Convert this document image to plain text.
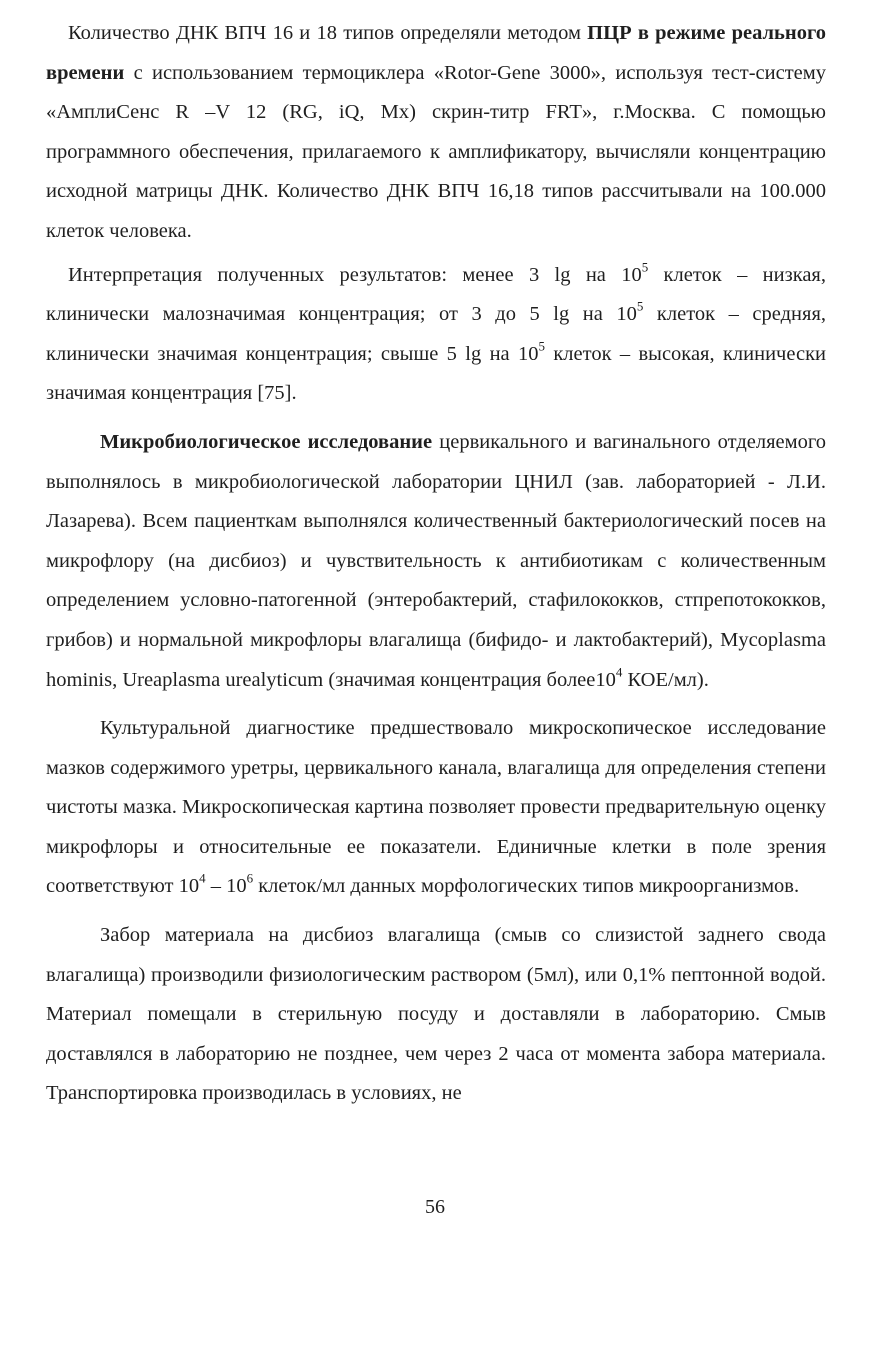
Количество ДНК ВПЧ 16 и 18 типов определяли методом ПЦР в режиме реального времени с использованием термоциклера «Rotor-Gene 3000», используя тест-систему «АмплиСенс R –V 12 (RG, iQ, Mx) скрин-титр FRT», г.Москва. С помощью программного обеспечения, прилагаемого к амплификатору, вычисляли концентрацию исходной матрицы ДНК. Количество ДНК ВПЧ 16,18 типов рассчитывали на 100.000 клеток человека.

Интерпретация полученных результатов: менее 3 lg на $10^5$ клеток – низкая, клинически малозначимая концентрация; от 3 до 5 lg на $10^5$ клеток – средняя, клинически значимая концентрация; свыше 5 lg на $10^5$ клеток – высокая, клинически значимая концентрация [75].

Микробиологическое исследование цервикального и вагинального отделяемого выполнялось в микробиологической лаборатории ЦНИЛ (зав. лабораторией - Л.И. Лазарева). Всем пациенткам выполнялся количественный бактериологический посев на микрофлору (на дисбиоз) и чувствительность к антибиотикам с количественным определением условно-патогенной (энтеробактерий, стафилококков, стпрепотококков, грибов) и нормальной микрофлоры влагалища (бифидо- и лактобактерий), Mycoplasma hominis, Ureaplasma urealyticum (значимая концентрация $более10^4$ КОЕ/мл).

Культуральной диагностике предшествовало микроскопическое исследование мазков содержимого уретры, цервикального канала, влагалища для определения степени чистоты мазка. Микроскопическая картина позволяет провести предварительную оценку микрофлоры и относительные ее показатели. Единичные клетки в поле зрения соответствуют $10^4 - 10^6$ клеток/мл данных морфологических типов микроорганизмов.

Забор материала на дисбиоз влагалища (смыв со слизистой заднего свода влагалища) производили физиологическим раствором (5мл), или 0,1% пептонной водой. Материал помещали в стерильную посуду и доставляли в лабораторию. Смыв доставлялся в лабораторию не позднее, чем через 2 часа от момента забора материала. Транспортировка производилась в условиях, не

56
